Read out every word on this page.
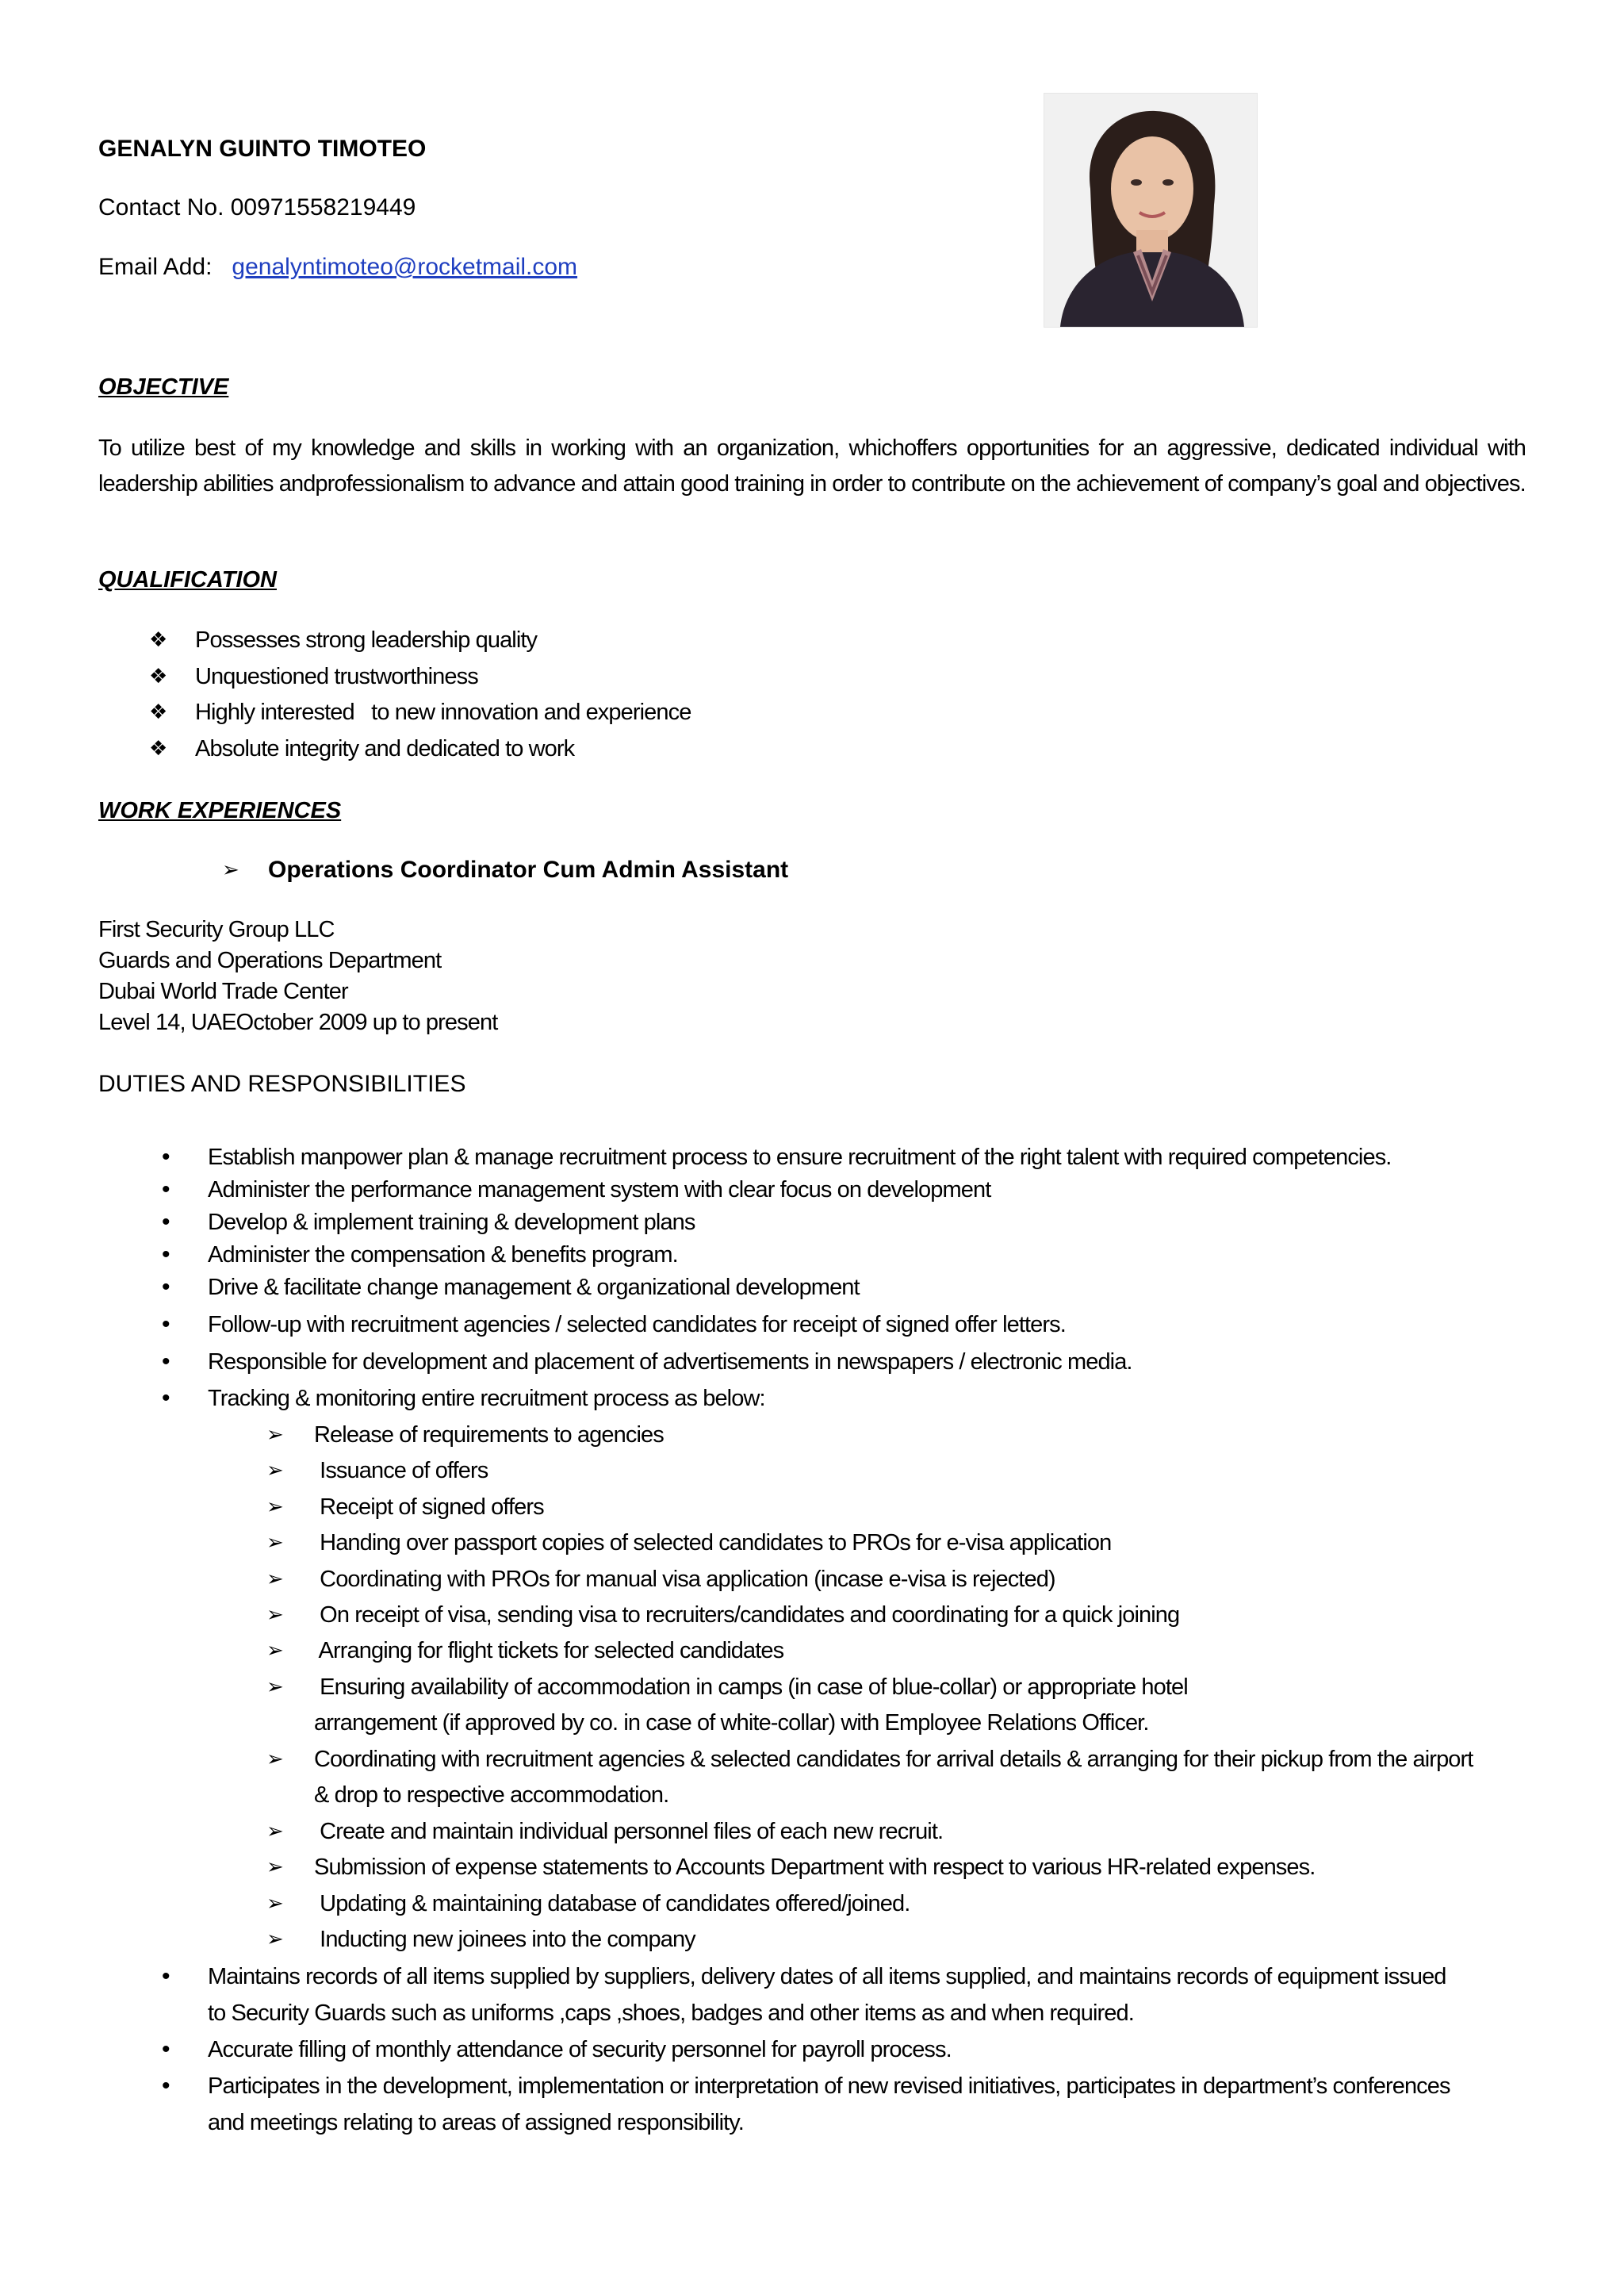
GENALYN GUINTO TIMOTEO
Contact No. 00971558219449
Email Add:   genalyntimoteo@rocketmail.com
OBJECTIVE

To utilize best of my knowledge and skills in working with an organization, whichoffers opportunities for an aggressive, dedicated individual with leadership abilities andprofessionalism to advance and attain good training in order to contribute on the achievement of company’s goal and objectives.

QUALIFICATION
❖ Possesses strong leadership quality
❖ Unquestioned trustworthiness
❖ Highly interested   to new innovation and experience
❖ Absolute integrity and dedicated to work
WORK EXPERIENCES
➢ Operations Coordinator Cum Admin Assistant
First Security Group LLC
Guards and Operations Department
Dubai World Trade Center
Level 14, UAEOctober 2009 up to present
DUTIES AND RESPONSIBILITIES
• Establish manpower plan & manage recruitment process to ensure recruitment of the right talent with required competencies.
• Administer the performance management system with clear focus on development
• Develop & implement training & development plans
• Administer the compensation & benefits program.
• Drive & facilitate change management & organizational development
• Follow-up with recruitment agencies / selected candidates for receipt of signed offer letters.
• Responsible for development and placement of advertisements in newspapers / electronic media.
• Tracking & monitoring entire recruitment process as below:
➢ Release of requirements to agencies
➢ Issuance of offers
➢ Receipt of signed offers
➢ Handing over passport copies of selected candidates to PROs for e-visa application
➢ Coordinating with PROs for manual visa application (incase e-visa is rejected)
➢ On receipt of visa, sending visa to recruiters/candidates and coordinating for a quick joining
➢ Arranging for flight tickets for selected candidates
➢ Ensuring availability of accommodation in camps (in case of blue-collar) or appropriate hotel
arrangement (if approved by co. in case of white-collar) with Employee Relations Officer.
➢ Coordinating with recruitment agencies & selected candidates for arrival details & arranging for their pickup from the airport
& drop to respective accommodation.
➢ Create and maintain individual personnel files of each new recruit.
➢ Submission of expense statements to Accounts Department with respect to various HR-related expenses.
➢ Updating & maintaining database of candidates offered/joined.
➢ Inducting new joinees into the company
• Maintains records of all items supplied by suppliers, delivery dates of all items supplied, and maintains records of equipment issued
to Security Guards such as uniforms ,caps ,shoes, badges and other items as and when required.
• Accurate filling of monthly attendance of security personnel for payroll process.
• Participates in the development, implementation or interpretation of new revised initiatives, participates in department’s conferences
and meetings relating to areas of assigned responsibility.
